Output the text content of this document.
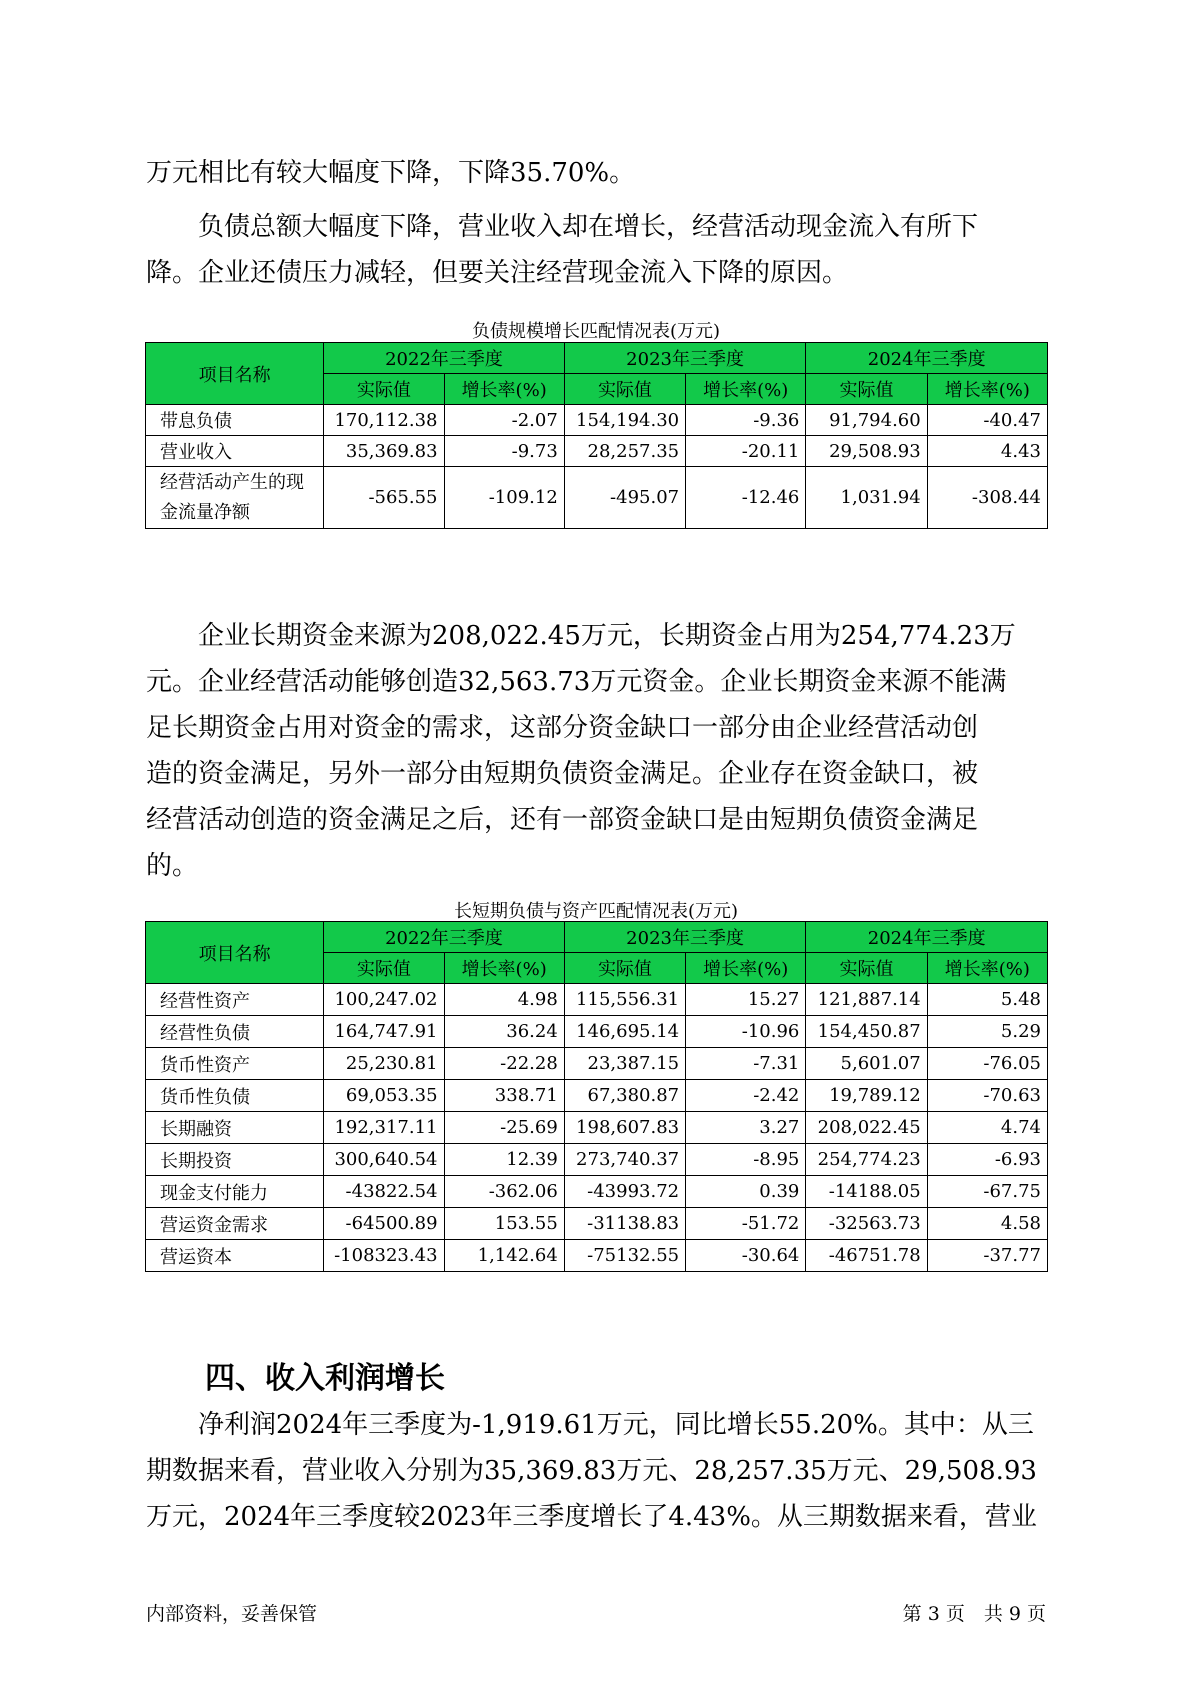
万元相比有较大幅度下降，下降35.70%。

　　负债总额大幅度下降，营业收入却在增长，经营活动现金流入有所下
降。企业还债压力减轻，但要关注经营现金流入下降的原因。

负债规模增长匹配情况表(万元)
项目名称	2022年三季度		2023年三季度		2024年三季度	
	实际值	增长率(%)	实际值	增长率(%)	实际值	增长率(%)
带息负债	170,112.38	-2.07	154,194.30	-9.36	91,794.60	-40.47
营业收入	35,369.83	-9.73	28,257.35	-20.11	29,508.93	4.43
经营活动产生的现金流量净额	-565.55	-109.12	-495.07	-12.46	1,031.94	-308.44

　　企业长期资金来源为208,022.45万元，长期资金占用为254,774.23万
元。企业经营活动能够创造32,563.73万元资金。企业长期资金来源不能满
足长期资金占用对资金的需求，这部分资金缺口一部分由企业经营活动创
造的资金满足，另外一部分由短期负债资金满足。企业存在资金缺口，被
经营活动创造的资金满足之后，还有一部资金缺口是由短期负债资金满足
的。

长短期负债与资产匹配情况表(万元)
项目名称	2022年三季度		2023年三季度		2024年三季度	
	实际值	增长率(%)	实际值	增长率(%)	实际值	增长率(%)
经营性资产	100,247.02	4.98	115,556.31	15.27	121,887.14	5.48
经营性负债	164,747.91	36.24	146,695.14	-10.96	154,450.87	5.29
货币性资产	25,230.81	-22.28	23,387.15	-7.31	5,601.07	-76.05
货币性负债	69,053.35	338.71	67,380.87	-2.42	19,789.12	-70.63
长期融资	192,317.11	-25.69	198,607.83	3.27	208,022.45	4.74
长期投资	300,640.54	12.39	273,740.37	-8.95	254,774.23	-6.93
现金支付能力	-43822.54	-362.06	-43993.72	0.39	-14188.05	-67.75
营运资金需求	-64500.89	153.55	-31138.83	-51.72	-32563.73	4.58
营运资本	-108323.43	1,142.64	-75132.55	-30.64	-46751.78	-37.77
四、收入利润增长

　　净利润2024年三季度为-1,919.61万元，同比增长55.20%。其中：从三
期数据来看，营业收入分别为35,369.83万元、28,257.35万元、29,508.93
万元，2024年三季度较2023年三季度增长了4.43%。从三期数据来看，营业

内部资料，妥善保管	第 3 页　共 9 页
